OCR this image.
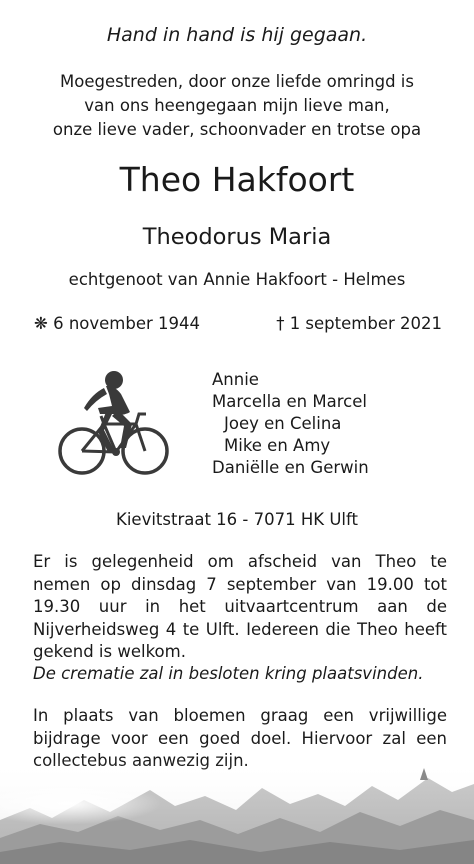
Hand in hand is hij gegaan.
Moegestreden, door onze liefde omringd is
van ons heengegaan mijn lieve man,
onze lieve vader, schoonvader en trotse opa
Theo Hakfoort
Theodorus Maria
echtgenoot van Annie Hakfoort - Helmes
❋ 6 november 1944	† 1 september 2021
Annie
Marcella en Marcel
Joey en Celina
Mike en Amy
Daniëlle en Gerwin
Kievitstraat 16 - 7071 HK Ulft
Er is gelegenheid om afscheid van Theo te nemen op dinsdag 7 september van 19.00 tot 19.30 uur in het uitvaartcentrum aan de Nijverheidsweg 4 te Ulft. Iedereen die Theo heeft gekend is welkom.
De crematie zal in besloten kring plaatsvinden.
In plaats van bloemen graag een vrijwillige bijdrage voor een goed doel. Hiervoor zal een
